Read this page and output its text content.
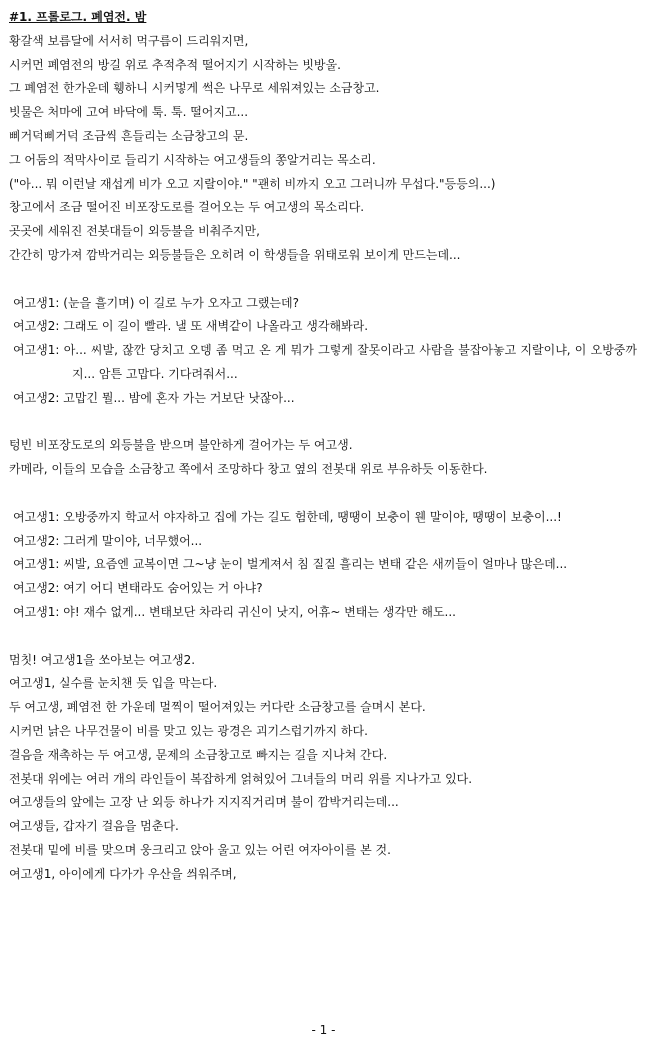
#1. 프롤로그. 폐염전. 밤
황갈색 보름달에 서서히 먹구름이 드리워지면,
시커먼 폐염전의 방길 위로 추적추적 떨어지기 시작하는 빗방울.
그 폐염전 한가운데 휑하니 시커멓게 썩은 나무로 세워져있는 소금창고.
빗물은 처마에 고여 바닥에 툭. 툭. 떨어지고...
삐거덕삐거덕 조금씩 흔들리는 소금창고의 문.
그 어둠의 적막사이로 들리기 시작하는 여고생들의 쫑알거리는 목소리.
("아... 뭐 이런날 재섭게 비가 오고 지랄이야." "괜히 비까지 오고 그러니까 무섭다."등등의...)
창고에서 조금 떨어진 비포장도로를 걸어오는 두 여고생의 목소리다.
곳곳에 세워진 전봇대들이 외등불을 비춰주지만,
간간히 망가져 깜박거리는 외등불들은 오히려 이 학생들을 위태로워 보이게 만드는데...
여고생1: (눈을 흘기며) 이 길로 누가 오자고 그랬는데?
여고생2: 그래도 이 길이 빨라. 낼 또 새벽같이 나올라고 생각해봐라.
여고생1: 아... 씨발, 잖깐 당치고 오뎅 좀 먹고 온 게 뭐가 그렇게 잘못이라고 사람을 불잡아놓고 지랄이냐, 이 오방중까지... 암튼 고맙다. 기다려줘서...
여고생2: 고맙긴 뭘... 밤에 혼자 가는 거보단 낫잖아...
텅빈 비포장도로의 외등불을 받으며 불안하게 걸어가는 두 여고생.
카메라, 이들의 모습을 소금창고 쪽에서 조망하다 창고 옆의 전봇대 위로 부유하듯 이동한다.
여고생1: 오방중까지 학교서 야자하고 집에 가는 길도 험한데, 땡땡이 보충이 웬 말이야, 땡땡이 보충이...!
여고생2: 그러게 말이야, 너무했어...
여고생1: 씨발, 요즘엔 교복이면 그~냥 눈이 벌게져서 침 질질 흘리는 변태 같은 새끼들이 얼마나 많은데...
여고생2: 여기 어디 변태라도 숨어있는 거 아냐?
여고생1: 야! 재수 없게... 변태보단 차라리 귀신이 낫지, 어휴~ 변태는 생각만 해도...
멈칫! 여고생1을 쏘아보는 여고생2.
여고생1, 실수를 눈치챈 듯 입을 막는다.
두 여고생, 폐염전 한 가운데 멀찍이 떨어져있는 커다란 소금창고를 슬며시 본다.
시커먼 낡은 나무건물이 비를 맞고 있는 광경은 괴기스럽기까지 하다.
걸음을 재촉하는 두 여고생, 문제의 소금창고로 빠지는 길을 지나쳐 간다.
전봇대 위에는 여러 개의 라인들이 복잡하게 얽혀있어 그녀들의 머리 위를 지나가고 있다.
여고생들의 앞에는 고장 난 외등 하나가 지지직거리며 불이 깜박거리는데...
여고생들, 갑자기 걸음을 멈춘다.
전봇대 밑에 비를 맞으며 웅크리고 앉아 울고 있는 어린 여자아이를 본 것.
여고생1, 아이에게 다가가 우산을 씌워주며,
- 1 -
